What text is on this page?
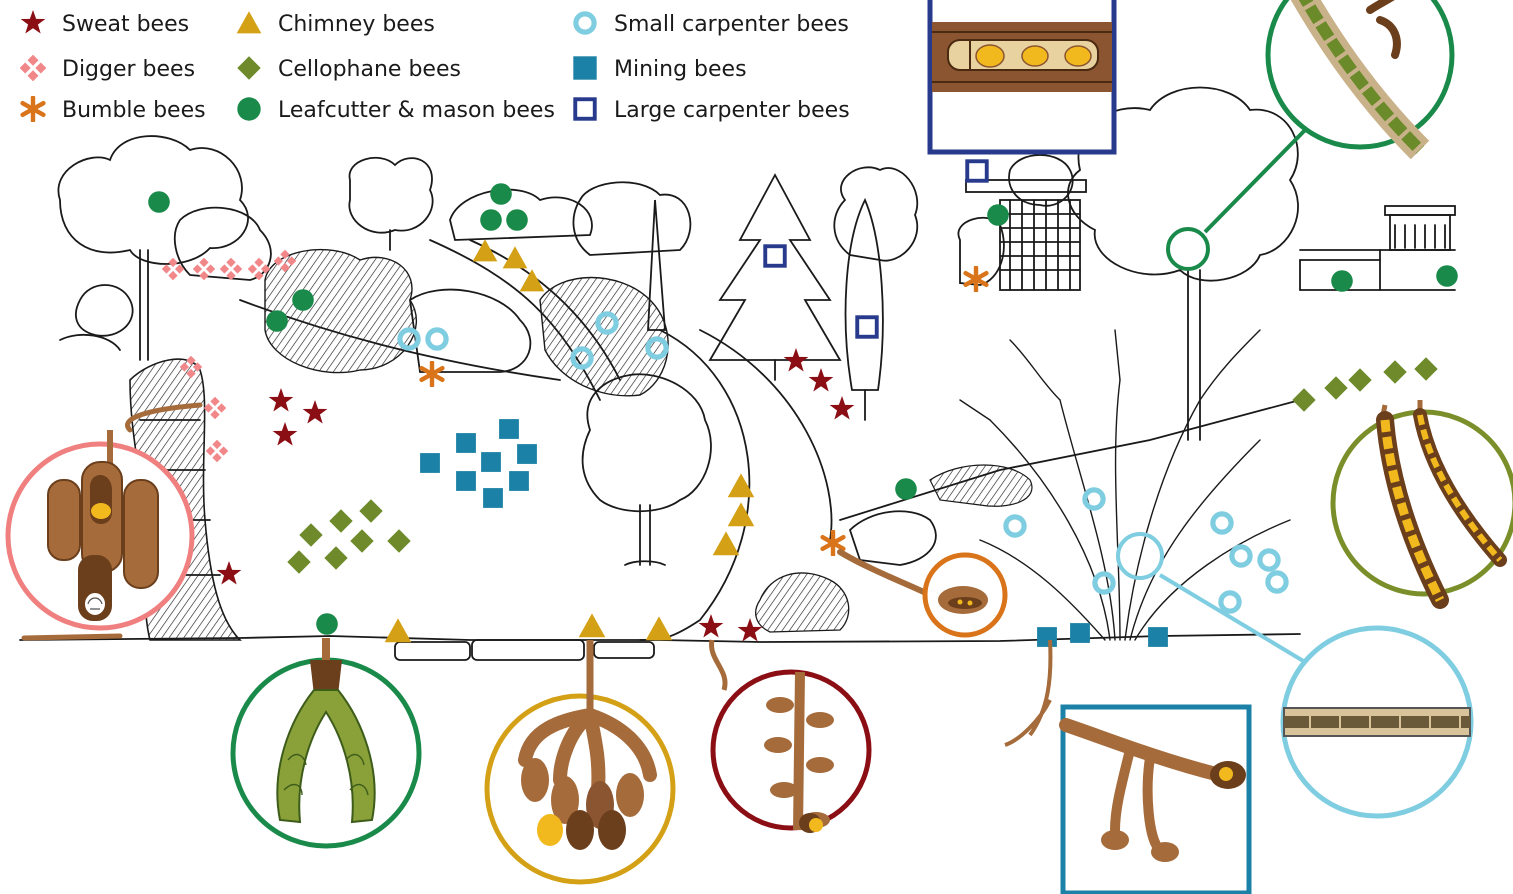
Sweat bees
Digger bees
Bumble bees
Chimney bees
Cellophane bees
Leafcutter & mason bees
Small carpenter bees
Mining bees
Large carpenter bees
